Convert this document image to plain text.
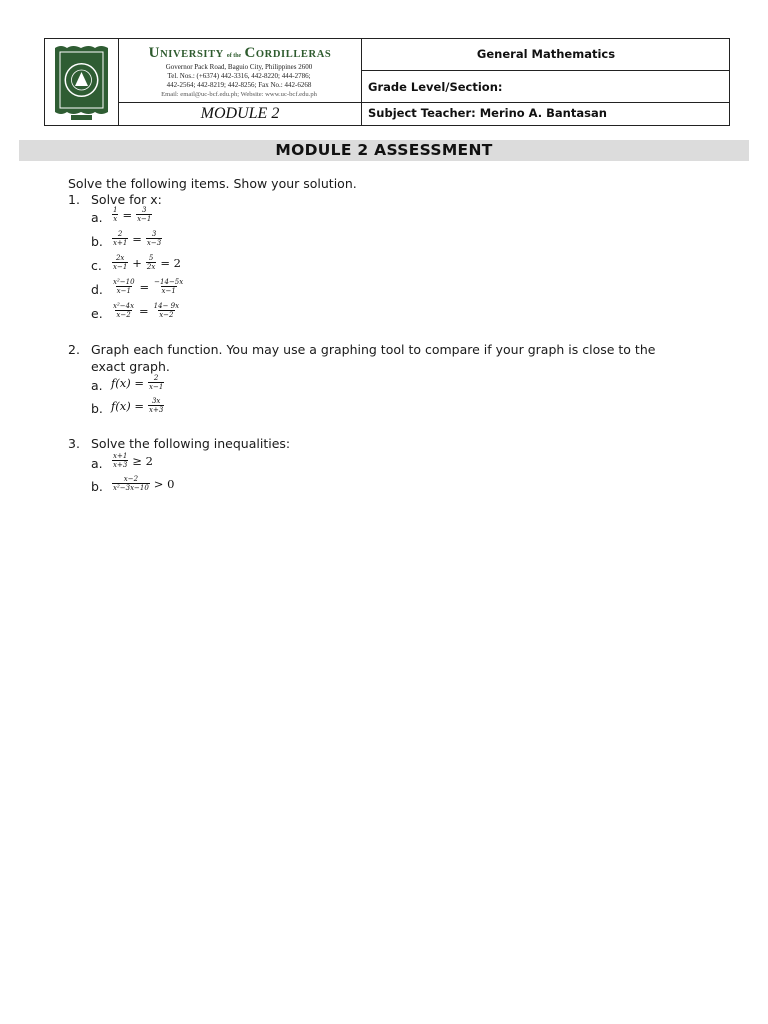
UNIVERSITY of the CORDILLERAS
Governor Pack Road, Baguio City, Philippines 2600
Tel. Nos.: (+6374) 442-3316, 442-8220; 444-2786;
442-2564; 442-8219; 442-8256; Fax No.: 442-6268
Email: email@uc-bcf.edu.ph; Website: www.uc-bcf.edu.ph
MODULE 2
General Mathematics
Grade Level/Section:
Subject Teacher: Merino A. Bantasan
MODULE 2 ASSESSMENT
Solve the following items. Show your solution.
1. Solve for x:
a. $\frac{1}{x} = \frac{3}{x-1}$
b. $\frac{2}{x+1} = \frac{3}{x-3}$
c. $\frac{2x}{x-1} + \frac{5}{2x} = 2$
d. $\frac{\text{x²−10}}{x-1} = \frac{-14-5x}{x-1}$
e. $\frac{\text{x²−4x}}{x-2} = \frac{14- 9x}{x-2}$
2. Graph each function. You may use a graphing tool to compare if your graph is close to the
exact graph.
a. $f(x) = \frac{2}{x-1}$
b. $f(x) = \frac{3x}{x+3}$
3. Solve the following inequalities:
a. $\frac{x+1}{x+3} \ge 2$
b. $\frac{x-2}{\text{x²−3x−10}} > 0$
